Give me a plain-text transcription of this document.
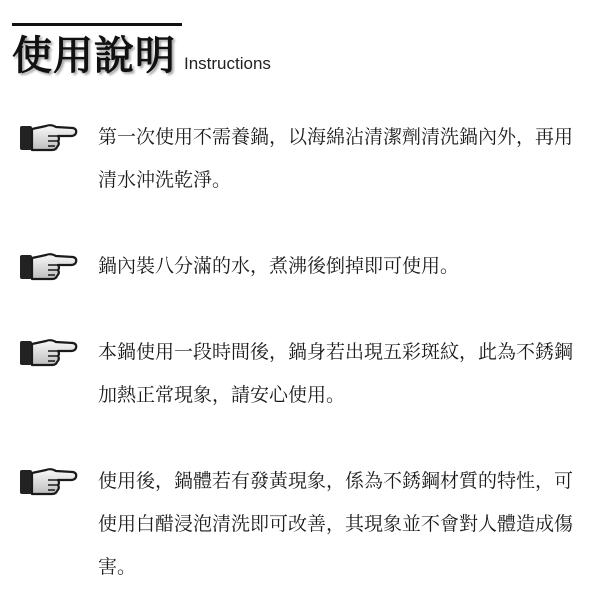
使用說明 Instructions
第一次使用不需養鍋，以海綿沾清潔劑清洗鍋內外，再用清水沖洗乾淨。
鍋內裝八分滿的水，煮沸後倒掉即可使用。
本鍋使用一段時間後，鍋身若出現五彩斑紋，此為不銹鋼加熱正常現象，請安心使用。
使用後，鍋體若有發黃現象，係為不銹鋼材質的特性，可使用白醋浸泡清洗即可改善，其現象並不會對人體造成傷害。
